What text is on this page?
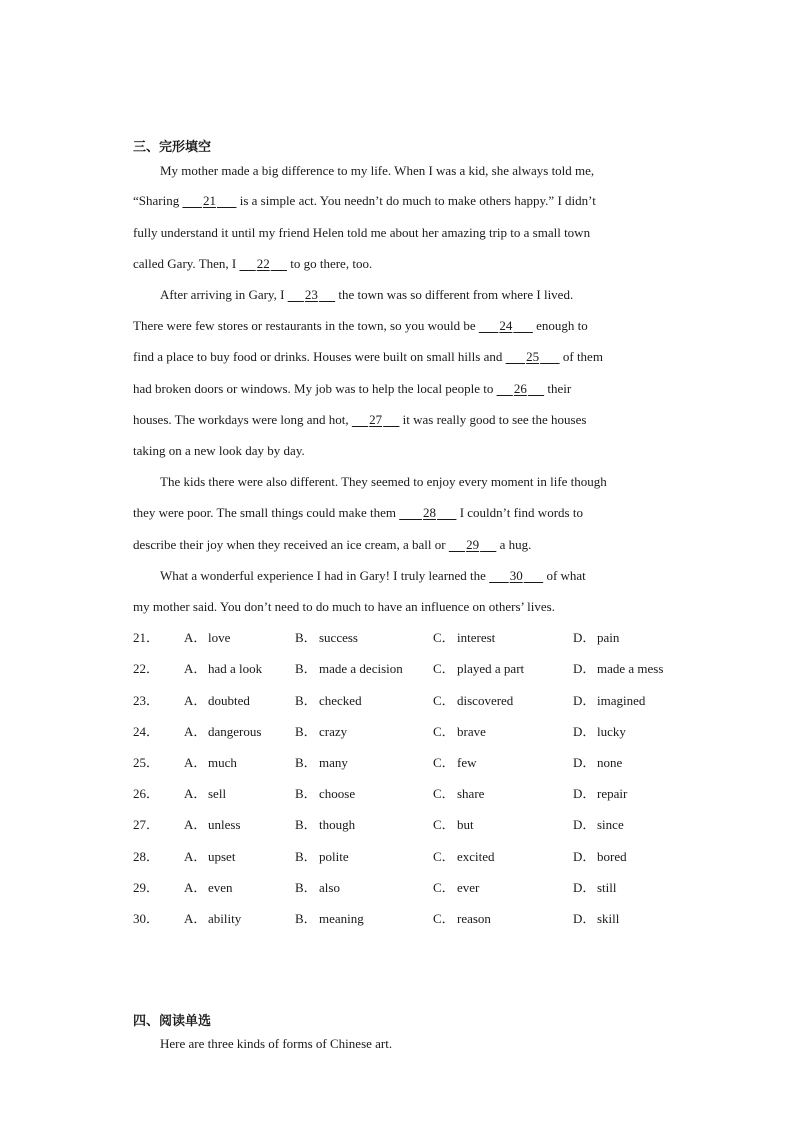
三、完形填空
My mother made a big difference to my life. When I was a kid, she always told me,
“Sharing       21       is a simple act. You needn’t do much to make others happy.” I didn’t
fully understand it until my friend Helen told me about her amazing trip to a small town
called Gary. Then, I      22      to go there, too.
After arriving in Gary, I      23      the town was so different from where I lived.
There were few stores or restaurants in the town, so you would be       24       enough to
find a place to buy food or drinks. Houses were built on small hills and       25       of them
had broken doors or windows. My job was to help the local people to      26      their
houses. The workdays were long and hot,      27      it was really good to see the houses
taking on a new look day by day.
The kids there were also different. They seemed to enjoy every moment in life though
they were poor. The small things could make them        28       I couldn’t find words to
describe their joy when they received an ice cream, a ball or      29      a hug.
What a wonderful experience I had in Gary! I truly learned the       30       of what
my mother said. You don’t need to do much to have an influence on others’ lives.
21． A． love	B． success	C． interest	D． pain
22． A． had a look	B． made a decision C． played a part	D． made a mess
23． A． doubted	B． checked	C． discovered	D． imagined
24． A． dangerous	B． crazy	C． brave	D． lucky
25． A． much	B． many	C． few	D． none
26． A． sell	B． choose	C． share	D． repair
27． A． unless	B． though	C． but	D． since
28． A． upset	B． polite	C． excited	D． bored
29． A． even	B． also	C． ever	D． still
30． A． ability	B． meaning	C． reason	D． skill
四、阅读单选
Here are three kinds of forms of Chinese art.
